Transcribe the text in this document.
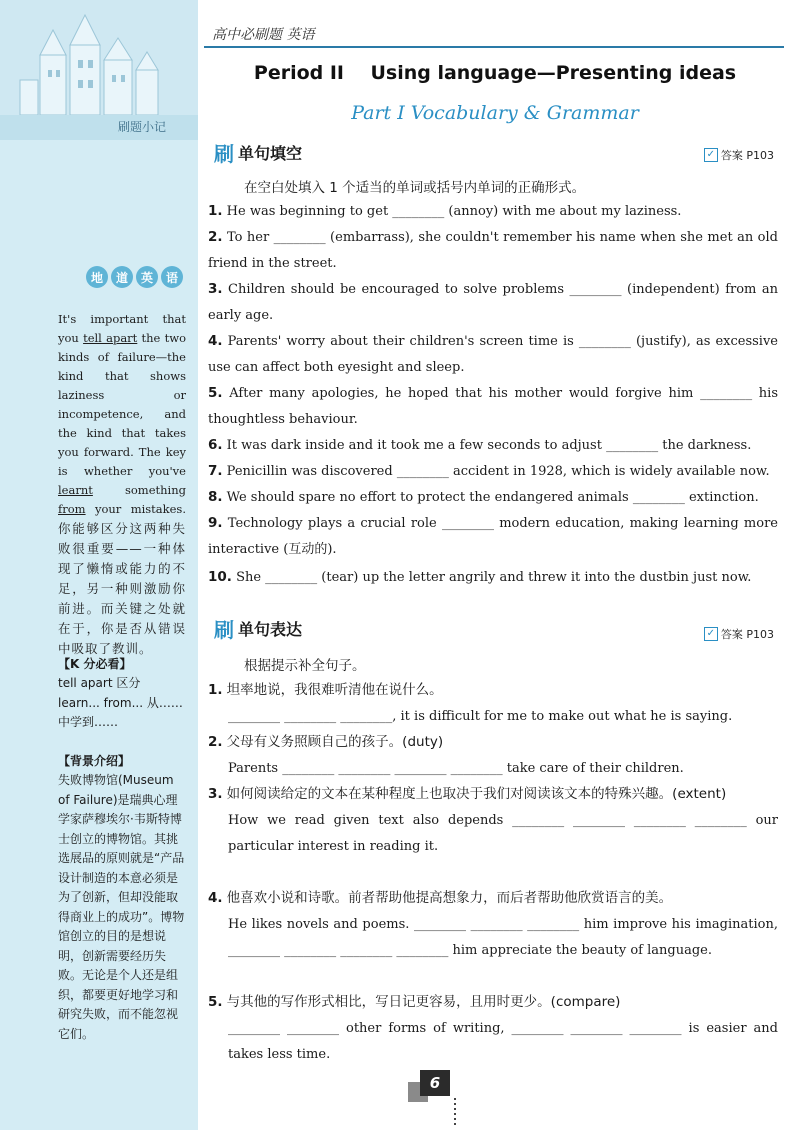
刷题小记
地	道	英	语
It's important that you tell apart the two kinds of failure—the kind that shows laziness or incompetence, and the kind that takes you forward. The key is whether you've learnt something from your mistakes.你能够区分这两种失败很重要——一种体现了懒惰或能力的不足，另一种则激励你前进。而关键之处就在于，你是否从错误中吸取了教训。
【K 分必看】
tell apart 区分
learn... from... 从……中学到……
【背景介绍】
失败博物馆(Museum of Failure)是瑞典心理学家萨穆埃尔·韦斯特博士创立的博物馆。其挑选展品的原则就是“产品设计制造的本意必须是为了创新，但却没能取得商业上的成功”。博物馆创立的目的是想说明，创新需要经历失败。无论是个人还是组织，都要更好地学习和研究失败，而不能忽视它们。
高中必刷题 英语
Period II    Using language—Presenting ideas
Part I Vocabulary & Grammar
刷 单句填空	✓ 答案 P103
在空白处填入 1 个适当的单词或括号内单词的正确形式。
1. He was beginning to get ________ (annoy) with me about my laziness.
2. To her ________ (embarrass), she couldn't remember his name when she met an old friend in the street.
3. Children should be encouraged to solve problems ________ (independent) from an early age.
4. Parents' worry about their children's screen time is ________ (justify), as excessive use can affect both eyesight and sleep.
5. After many apologies, he hoped that his mother would forgive him ________ his thoughtless behaviour.
6. It was dark inside and it took me a few seconds to adjust ________ the darkness.
7. Penicillin was discovered ________ accident in 1928, which is widely available now.
8. We should spare no effort to protect the endangered animals ________ extinction.
9. Technology plays a crucial role ________ modern education, making learning more interactive (互动的).
10. She ________ (tear) up the letter angrily and threw it into the dustbin just now.
刷 单句表达	✓ 答案 P103
根据提示补全句子。
1. 坦率地说，我很难听清他在说什么。
________ ________ ________, it is difficult for me to make out what he is saying.
2. 父母有义务照顾自己的孩子。(duty)
Parents ________ ________ ________ ________ take care of their children.
3. 如何阅读给定的文本在某种程度上也取决于我们对阅读该文本的特殊兴趣。(extent)
How we read given text also depends ________ ________ ________ ________ our particular interest in reading it.
4. 他喜欢小说和诗歌。前者帮助他提高想象力，而后者帮助他欣赏语言的美。
He likes novels and poems. ________ ________ ________ him improve his imagination, ________ ________ ________ ________ him appreciate the beauty of language.
5. 与其他的写作形式相比，写日记更容易，且用时更少。(compare)
________ ________ other forms of writing, ________ ________ ________ is easier and takes less time.
6
